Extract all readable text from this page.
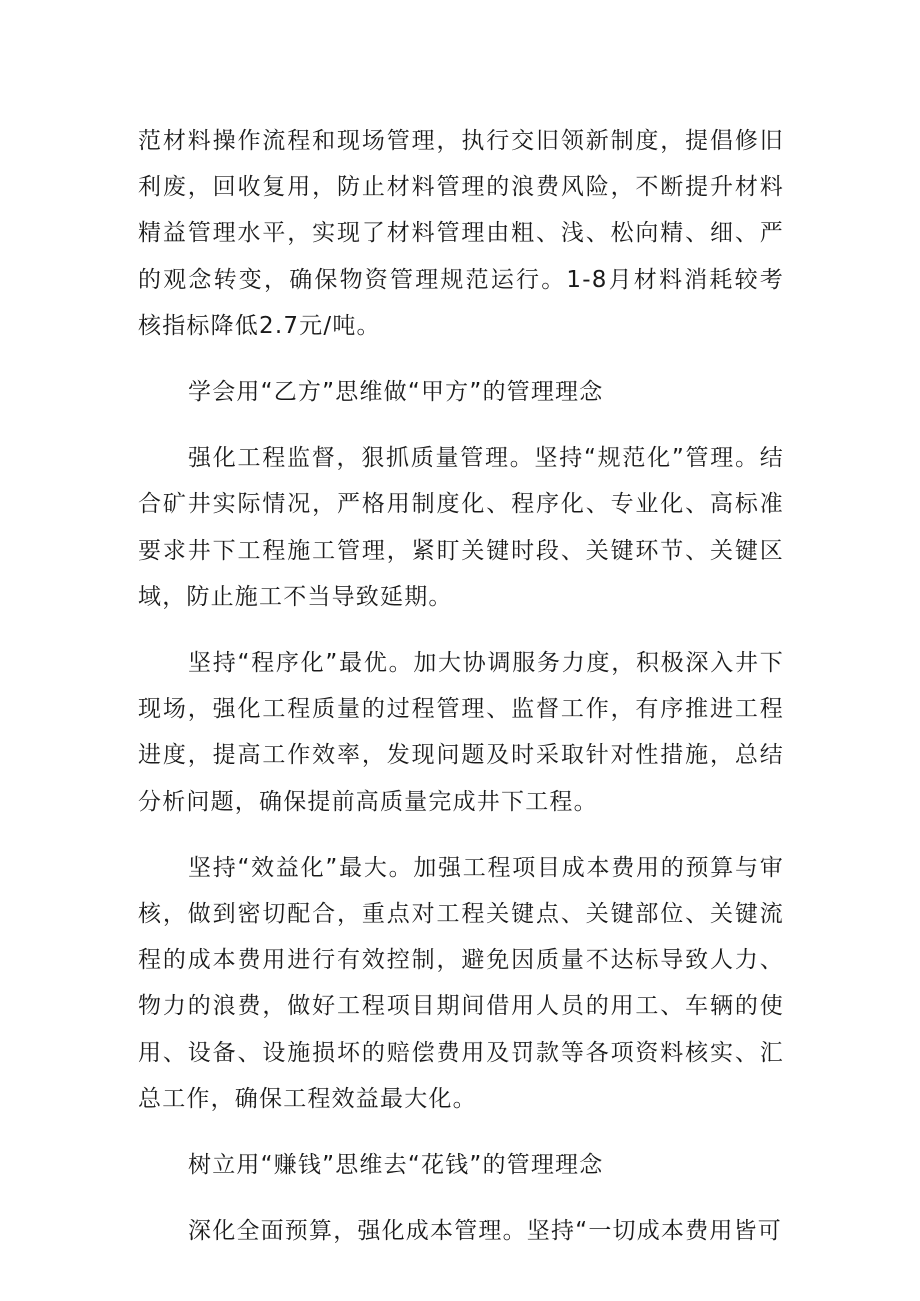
范材料操作流程和现场管理，执行交旧领新制度，提倡修旧利废，回收复用，防止材料管理的浪费风险，不断提升材料精益管理水平，实现了材料管理由粗、浅、松向精、细、严的观念转变，确保物资管理规范运行。1-8月材料消耗较考核指标降低2.7元/吨。

学会用“乙方”思维做“甲方”的管理理念

强化工程监督，狠抓质量管理。坚持“规范化”管理。结合矿井实际情况，严格用制度化、程序化、专业化、高标准要求井下工程施工管理，紧盯关键时段、关键环节、关键区域，防止施工不当导致延期。

坚持“程序化”最优。加大协调服务力度，积极深入井下现场，强化工程质量的过程管理、监督工作，有序推进工程进度，提高工作效率，发现问题及时采取针对性措施，总结分析问题，确保提前高质量完成井下工程。

坚持“效益化”最大。加强工程项目成本费用的预算与审核，做到密切配合，重点对工程关键点、关键部位、关键流程的成本费用进行有效控制，避免因质量不达标导致人力、物力的浪费，做好工程项目期间借用人员的用工、车辆的使用、设备、设施损坏的赔偿费用及罚款等各项资料核实、汇总工作，确保工程效益最大化。

树立用“赚钱”思维去“花钱”的管理理念

深化全面预算，强化成本管理。坚持“一切成本费用皆可
